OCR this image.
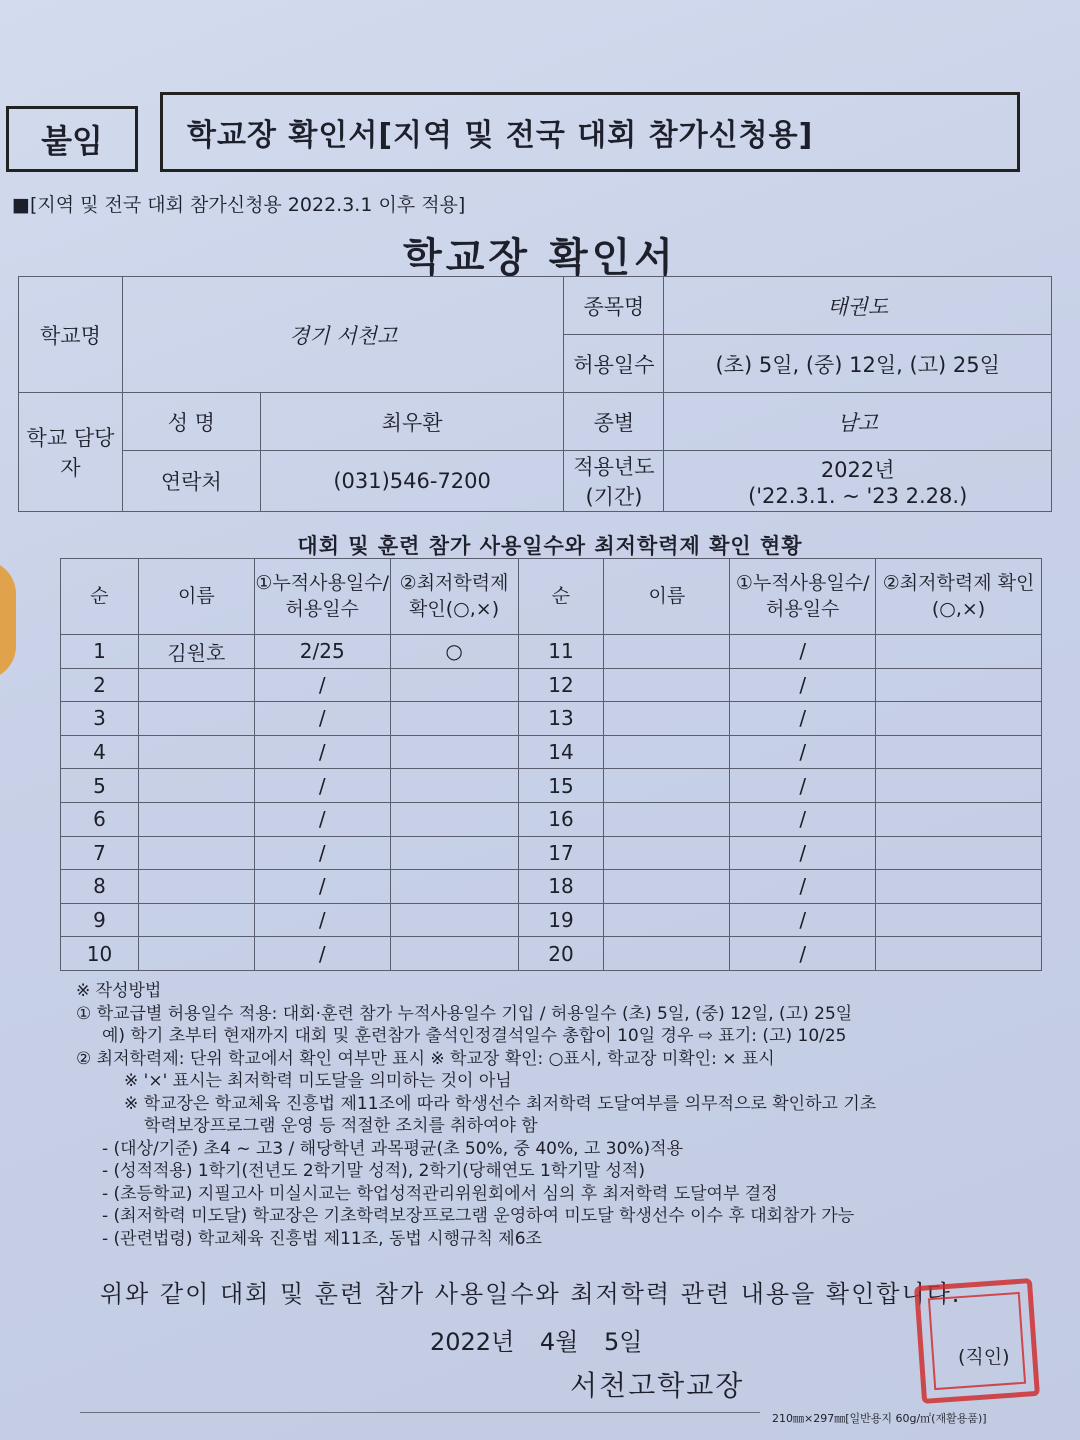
붙임	학교장 확인서[지역 및 전국 대회 참가신청용]
■[지역 및 전국 대회 참가신청용 2022.3.1 이후 적용]
학교장 확인서
학교명	경기 서천고		종목명	태권도
			허용일수	(초) 5일, (중) 12일, (고) 25일
학교 담당자	성 명	최우환	종별	남고
	연락처	(031)546-7200	적용년도 (기간)	2022년
('22.3.1. ~ '23 2.28.)
대회 및 훈련 참가 사용일수와 최저학력제 확인 현황
순	이름	①누적사용일수/허용일수	②최저학력제 확인(○,×)	순	이름	①누적사용일수/허용일수	②최저학력제 확인(○,×)
1	김원호	2/25	○	11		/	
2		/		12		/	
3		/		13		/	
4		/		14		/	
5		/		15		/	
6		/		16		/	
7		/		17		/	
8		/		18		/	
9		/		19		/	
10		/		20		/	
※ 작성방법
① 학교급별 허용일수 적용: 대회·훈련 참가 누적사용일수 기입 / 허용일수 (초) 5일, (중) 12일, (고) 25일
예) 학기 초부터 현재까지 대회 및 훈련참가 출석인정결석일수 총합이 10일 경우 ⇨ 표기: (고) 10/25
② 최저학력제: 단위 학교에서 확인 여부만 표시 ※ 학교장 확인: ○표시, 학교장 미확인: × 표시
※ '×' 표시는 최저학력 미도달을 의미하는 것이 아님
※ 학교장은 학교체육 진흥법 제11조에 따라 학생선수 최저학력 도달여부를 의무적으로 확인하고 기초
학력보장프로그램 운영 등 적절한 조치를 취하여야 함
- (대상/기준) 초4 ~ 고3 / 해당학년 과목평균(초 50%, 중 40%, 고 30%)적용
- (성적적용) 1학기(전년도 2학기말 성적), 2학기(당해연도 1학기말 성적)
- (초등학교) 지필고사 미실시교는 학업성적관리위원회에서 심의 후 최저학력 도달여부 결정
- (최저학력 미도달) 학교장은 기초학력보장프로그램 운영하여 미도달 학생선수 이수 후 대회참가 가능
- (관련법령) 학교체육 진흥법 제11조, 동법 시행규칙 제6조
위와 같이 대회 및 훈련 참가 사용일수와 최저학력 관련 내용을 확인합니다.
2022년 4월 5일
서천고학교장
(직인)
210㎜×297㎜[일반용지 60g/㎡(재활용품)]
